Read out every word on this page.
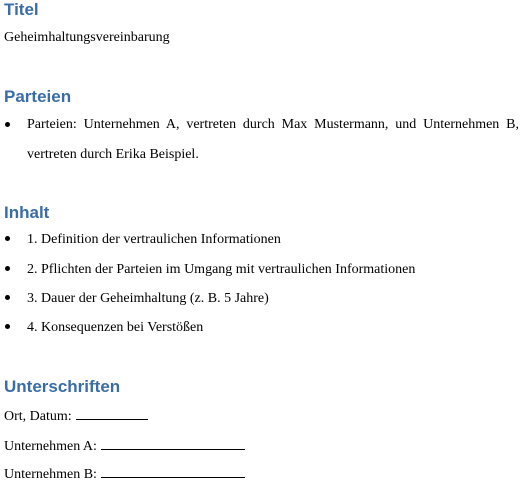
Titel

Geheimhaltungsvereinbarung

Parteien

Parteien: Unternehmen A, vertreten durch Max Mustermann, und Unternehmen B, vertreten durch Erika Beispiel.

Inhalt
1. Definition der vertraulichen Informationen
2. Pflichten der Parteien im Umgang mit vertraulichen Informationen
3. Dauer der Geheimhaltung (z. B. 5 Jahre)
4. Konsequenzen bei Verstößen
Unterschriften
Ort, Datum:
Unternehmen A:
Unternehmen B:
